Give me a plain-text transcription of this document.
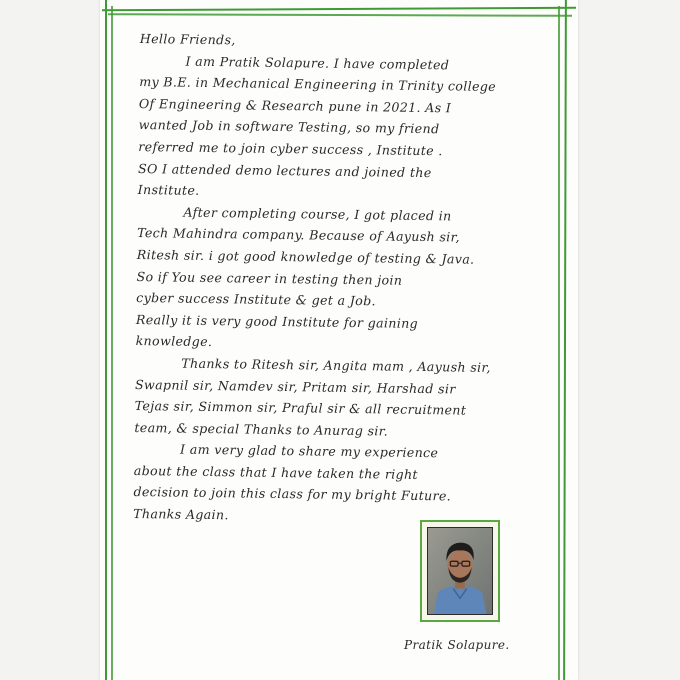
Hello Friends,
I am Pratik Solapure. I have completed
my B.E. in Mechanical Engineering in Trinity college
Of Engineering & Research pune in 2021. As I
wanted Job in software Testing, so my friend
referred me to join cyber success , Institute .
SO I attended demo lectures and joined the
Institute.
After completing course, I got placed in
Tech Mahindra company. Because of Aayush sir,
Ritesh sir. i got good knowledge of testing & Java.
So if You see career in testing then join
cyber success Institute & get a Job.
Really it is very good Institute for gaining
knowledge.
Thanks to Ritesh sir, Angita mam , Aayush sir,
Swapnil sir, Namdev sir, Pritam sir, Harshad sir
Tejas sir, Simmon sir, Praful sir & all recruitment
team, & special Thanks to Anurag sir.
I am very glad to share my experience
about the class that I have taken the right
decision to join this class for my bright Future.
Thanks Again.
Pratik Solapure.
